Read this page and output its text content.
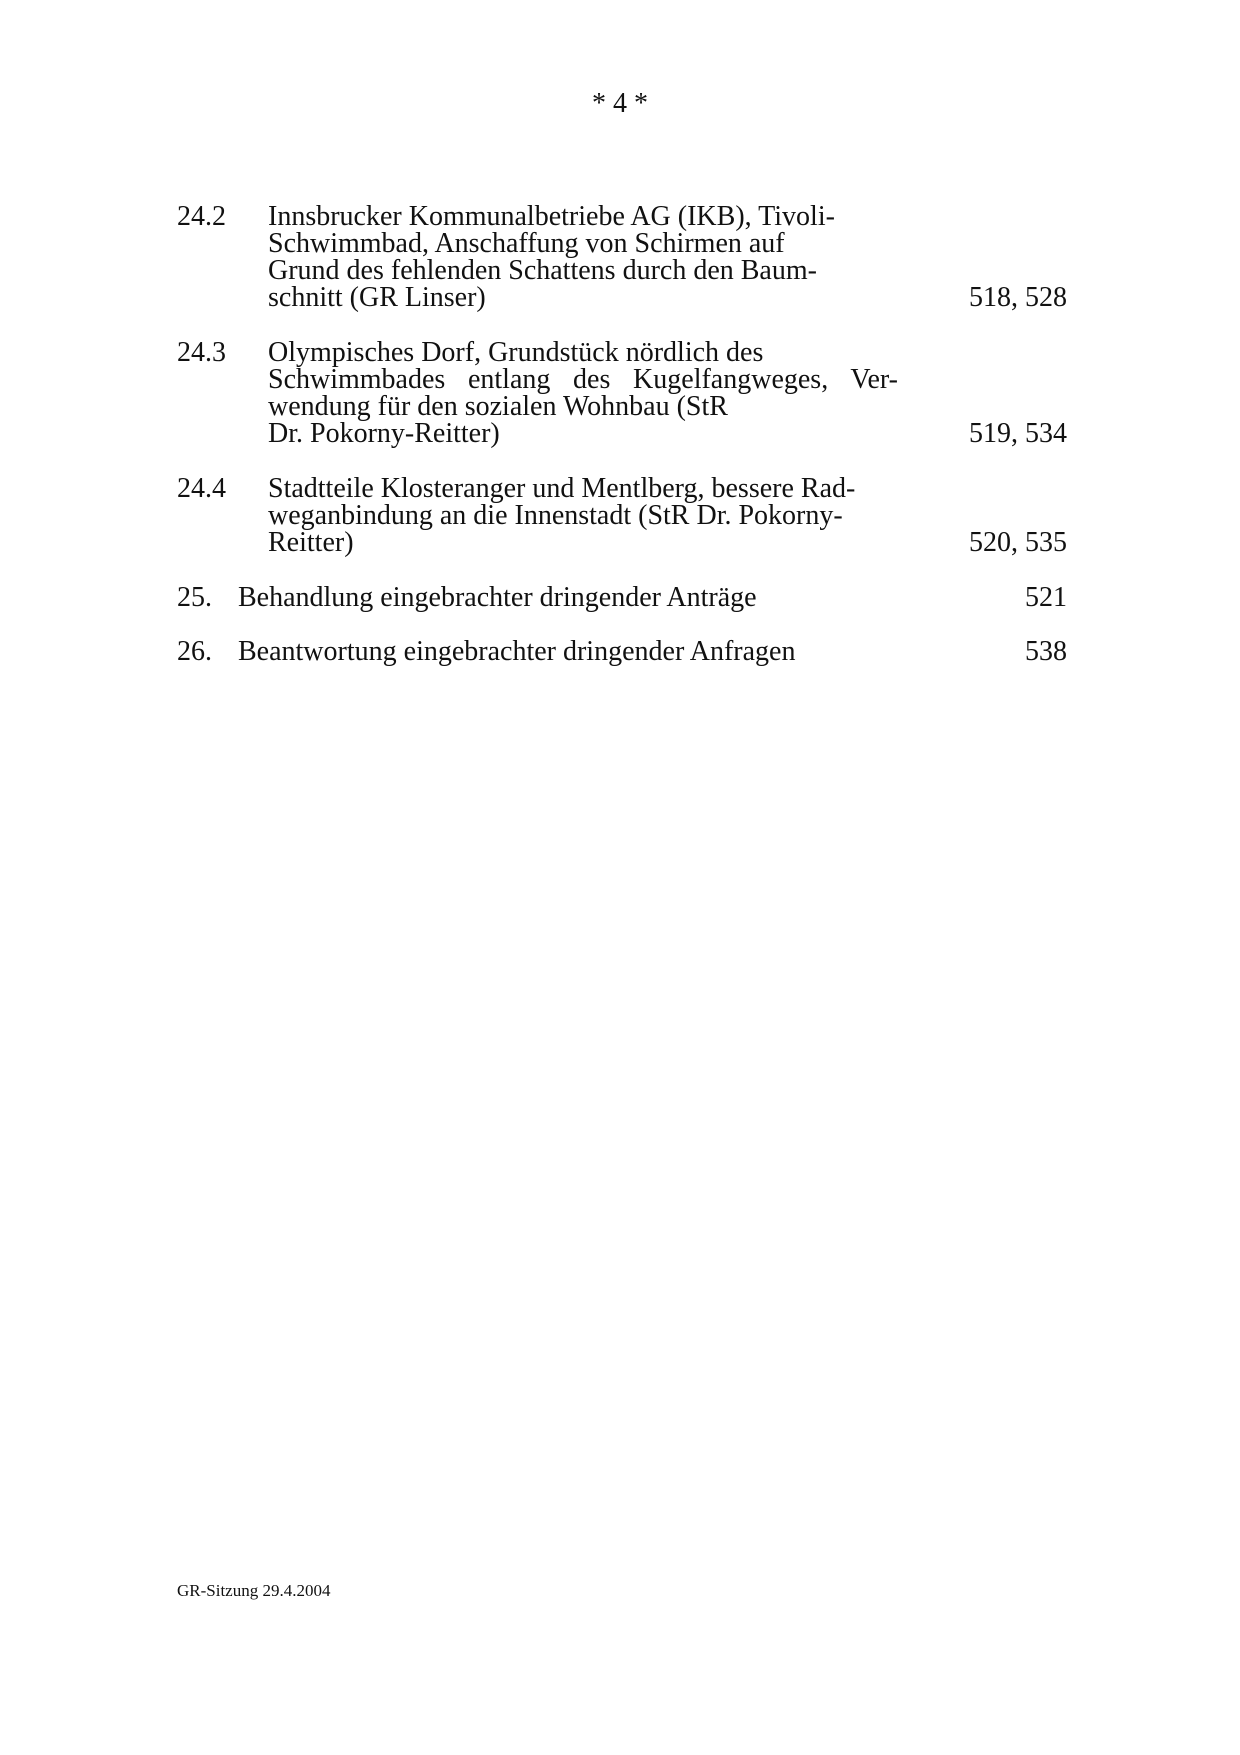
* 4 *
24.2 Innsbrucker Kommunalbetriebe AG (IKB), Tivoli-
Schwimmbad, Anschaffung von Schirmen auf
Grund des fehlenden Schattens durch den Baum-
schnitt (GR Linser)	518, 528
24.3 Olympisches Dorf, Grundstück nördlich des
Schwimmbades entlang des Kugelfangweges, Ver-
wendung für den sozialen Wohnbau (StR
Dr. Pokorny-Reitter)	519, 534
24.4 Stadtteile Klosteranger und Mentlberg, bessere Rad-
weganbindung an die Innenstadt (StR Dr. Pokorny-
Reitter)	520, 535
25. Behandlung eingebrachter dringender Anträge	521
26. Beantwortung eingebrachter dringender Anfragen	538
GR-Sitzung 29.4.2004
